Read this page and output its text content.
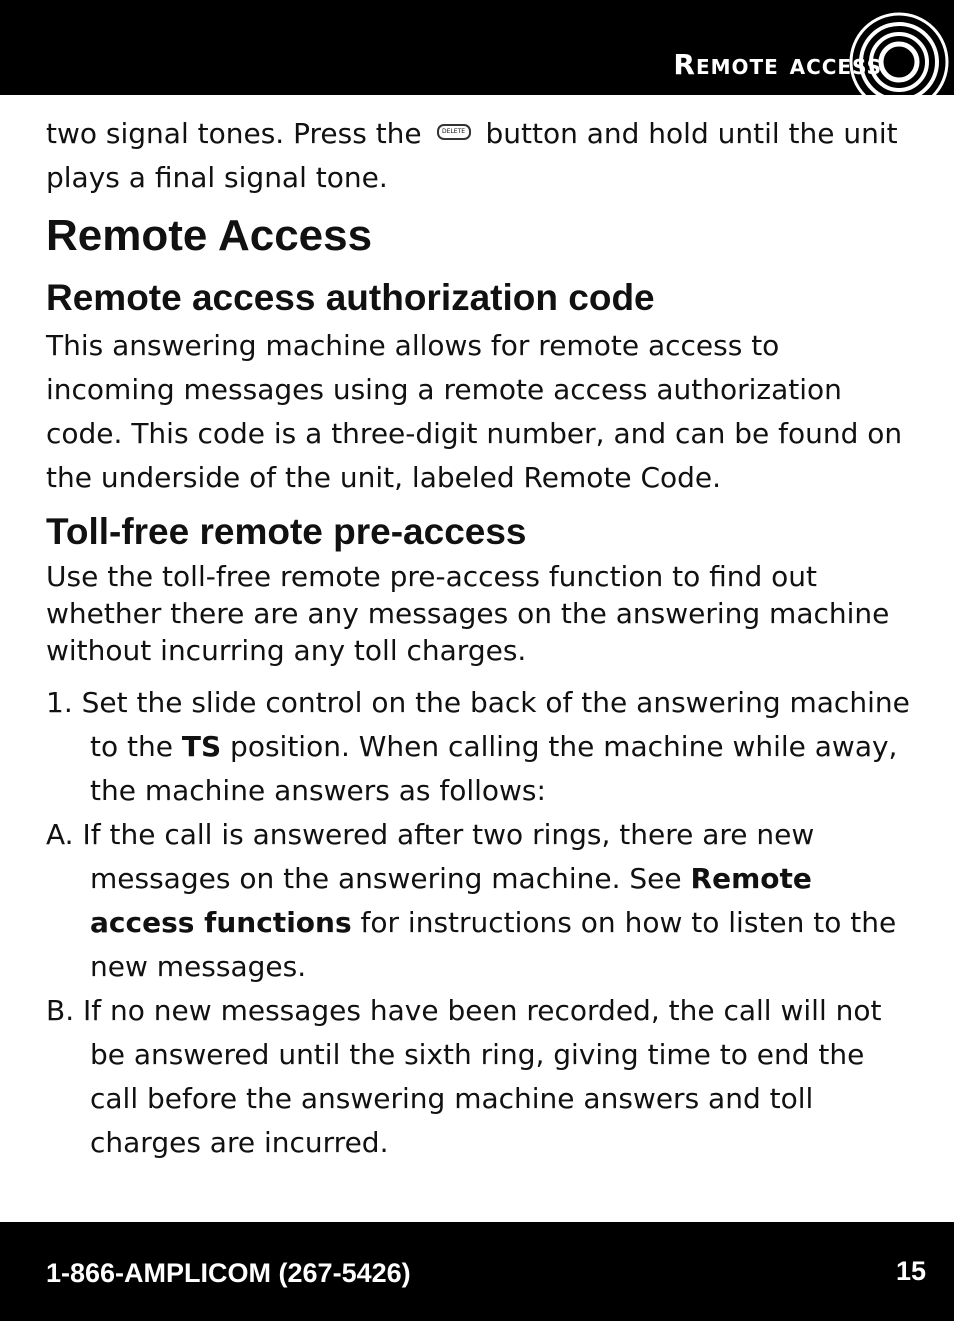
Remote access

two signal tones. Press the DELETE button and hold until the unit plays a final signal tone.

Remote Access
Remote access authorization code

This answering machine allows for remote access to incoming messages using a remote access authorization code. This code is a three-digit number, and can be found on the underside of the unit, labeled Remote Code.

Toll-free remote pre-access

Use the toll-free remote pre-access function to find out whether there are any messages on the answering machine without incurring any toll charges.

1. Set the slide control on the back of the answering machine to the TS position. When calling the machine while away, the machine answers as follows:

A. If the call is answered after two rings, there are new messages on the answering machine. See Remote access functions for instructions on how to listen to the new messages.

B. If no new messages have been recorded, the call will not be answered until the sixth ring, giving time to end the call before the answering machine answers and toll charges are incurred.

1-866-AMPLICOM (267-5426)	15
